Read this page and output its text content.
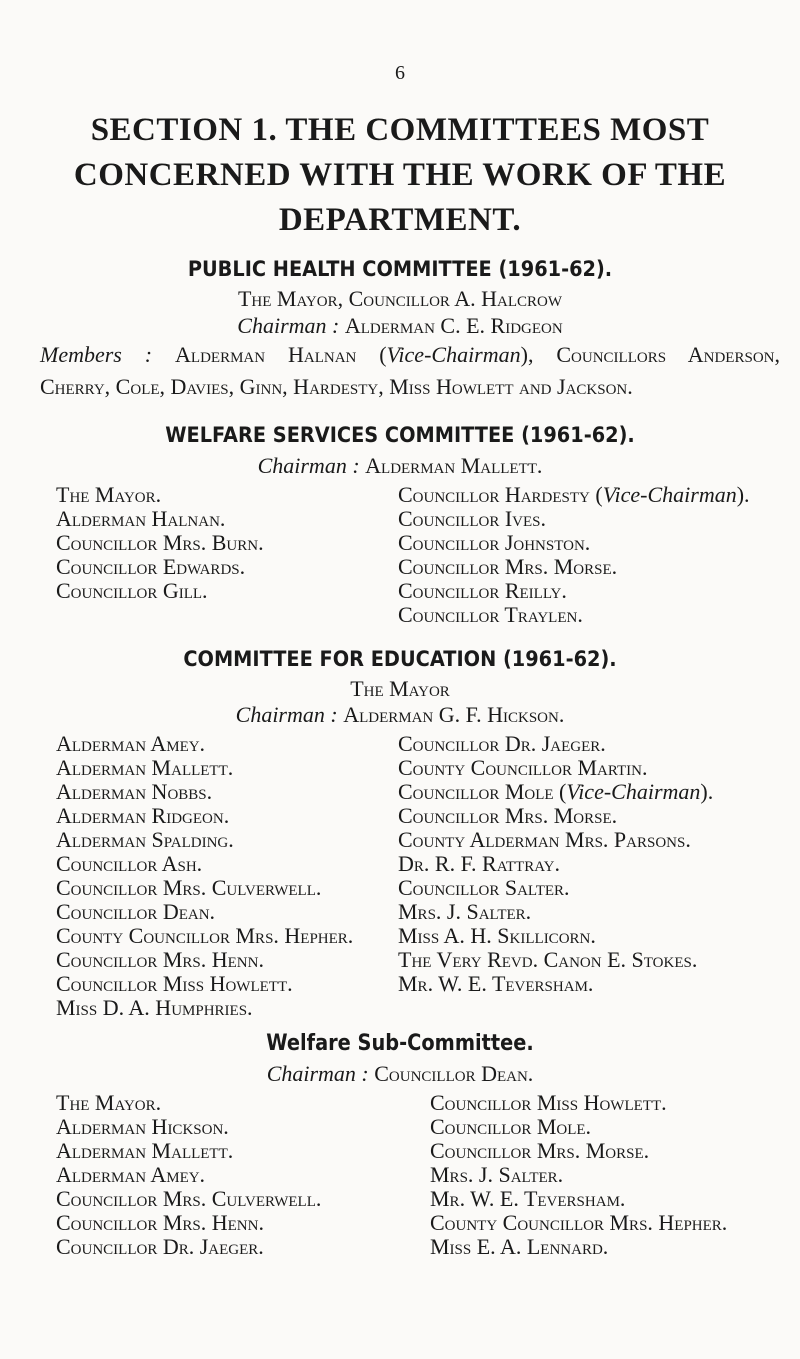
6
SECTION 1. THE COMMITTEES MOST CONCERNED WITH THE WORK OF THE DEPARTMENT.
PUBLIC HEALTH COMMITTEE (1961-62).
The Mayor, Councillor A. Halcrow
Chairman : Alderman C. E. Ridgeon
Members : Alderman Halnan (Vice-Chairman), Councillors Anderson,
Cherry, Cole, Davies, Ginn, Hardesty, Miss Howlett and Jackson.
WELFARE SERVICES COMMITTEE (1961-62).
Chairman : Alderman Mallett.
The Mayor.
Alderman Halnan.
Councillor Mrs. Burn.
Councillor Edwards.
Councillor Gill.
Councillor Hardesty (Vice-Chairman).
Councillor Ives.
Councillor Johnston.
Councillor Mrs. Morse.
Councillor Reilly.
Councillor Traylen.
COMMITTEE FOR EDUCATION (1961-62).
The Mayor
Chairman : Alderman G. F. Hickson.
Alderman Amey.
Alderman Mallett.
Alderman Nobbs.
Alderman Ridgeon.
Alderman Spalding.
Councillor Ash.
Councillor Mrs. Culverwell.
Councillor Dean.
County Councillor Mrs. Hepher.
Councillor Mrs. Henn.
Councillor Miss Howlett.
Miss D. A. Humphries.
Councillor Dr. Jaeger.
County Councillor Martin.
Councillor Mole (Vice-Chairman).
Councillor Mrs. Morse.
County Alderman Mrs. Parsons.
Dr. R. F. Rattray.
Councillor Salter.
Mrs. J. Salter.
Miss A. H. Skillicorn.
The Very Revd. Canon E. Stokes.
Mr. W. E. Teversham.
Welfare Sub-Committee.
Chairman : Councillor Dean.
The Mayor.
Alderman Hickson.
Alderman Mallett.
Alderman Amey.
Councillor Mrs. Culverwell.
Councillor Mrs. Henn.
Councillor Dr. Jaeger.
Councillor Miss Howlett.
Councillor Mole.
Councillor Mrs. Morse.
Mrs. J. Salter.
Mr. W. E. Teversham.
County Councillor Mrs. Hepher.
Miss E. A. Lennard.
